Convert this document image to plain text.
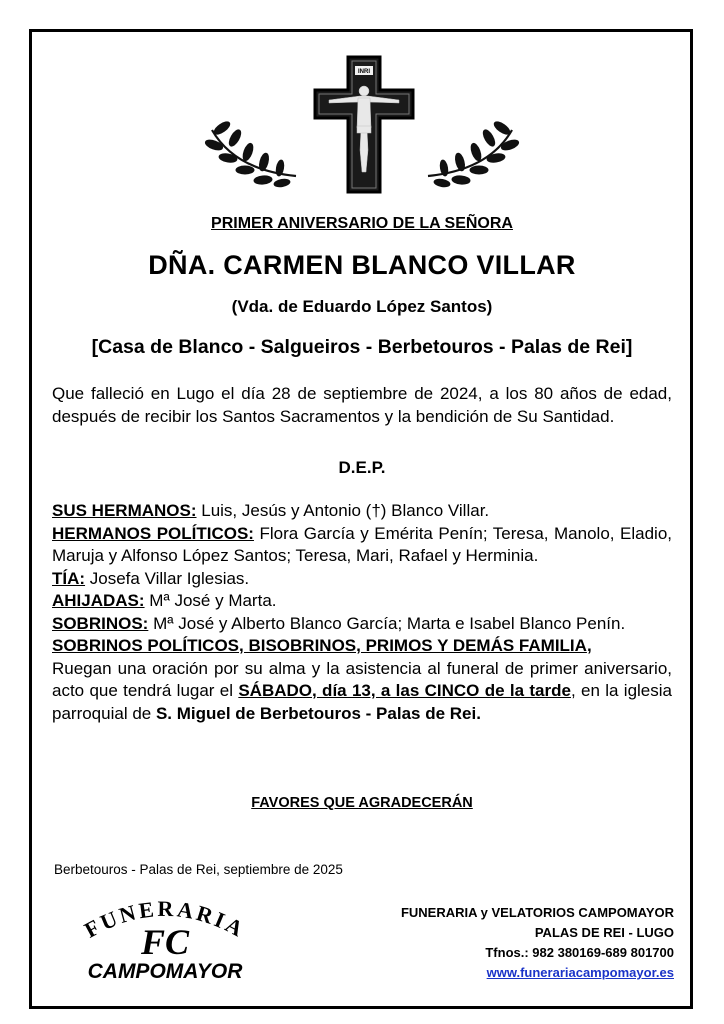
INRI
PRIMER ANIVERSARIO DE LA SEÑORA
DÑA. CARMEN BLANCO VILLAR
(Vda. de Eduardo López Santos)
[Casa de Blanco - Salgueiros - Berbetouros - Palas de Rei]
Que falleció en Lugo el día 28 de septiembre de 2024, a los 80 años de edad, después de recibir los Santos Sacramentos y la bendición de Su Santidad.
D.E.P.

SUS HERMANOS: Luis, Jesús y Antonio (†) Blanco Villar.

HERMANOS POLÍTICOS: Flora García y Emérita Penín; Teresa, Manolo, Eladio, Maruja y Alfonso López Santos; Teresa, Mari, Rafael y Herminia.

TÍA: Josefa Villar Iglesias.

AHIJADAS: Mª José y Marta.

SOBRINOS: Mª José y Alberto Blanco García; Marta e Isabel Blanco Penín.

SOBRINOS POLÍTICOS, BISOBRINOS, PRIMOS Y DEMÁS FAMILIA,

Ruegan una oración por su alma y la asistencia al funeral de primer aniversario, acto que tendrá lugar el SÁBADO, día 13, a las CINCO de la tarde, en la iglesia parroquial de S. Miguel de Berbetouros - Palas de Rei.

FAVORES QUE AGRADECERÁN
Berbetouros - Palas de Rei, septiembre de 2025
FUNERARIA
FC
CAMPOMAYOR
FUNERARIA y VELATORIOS CAMPOMAYOR
PALAS DE REI - LUGO
Tfnos.: 982 380169-689 801700
www.funerariacampomayor.es
